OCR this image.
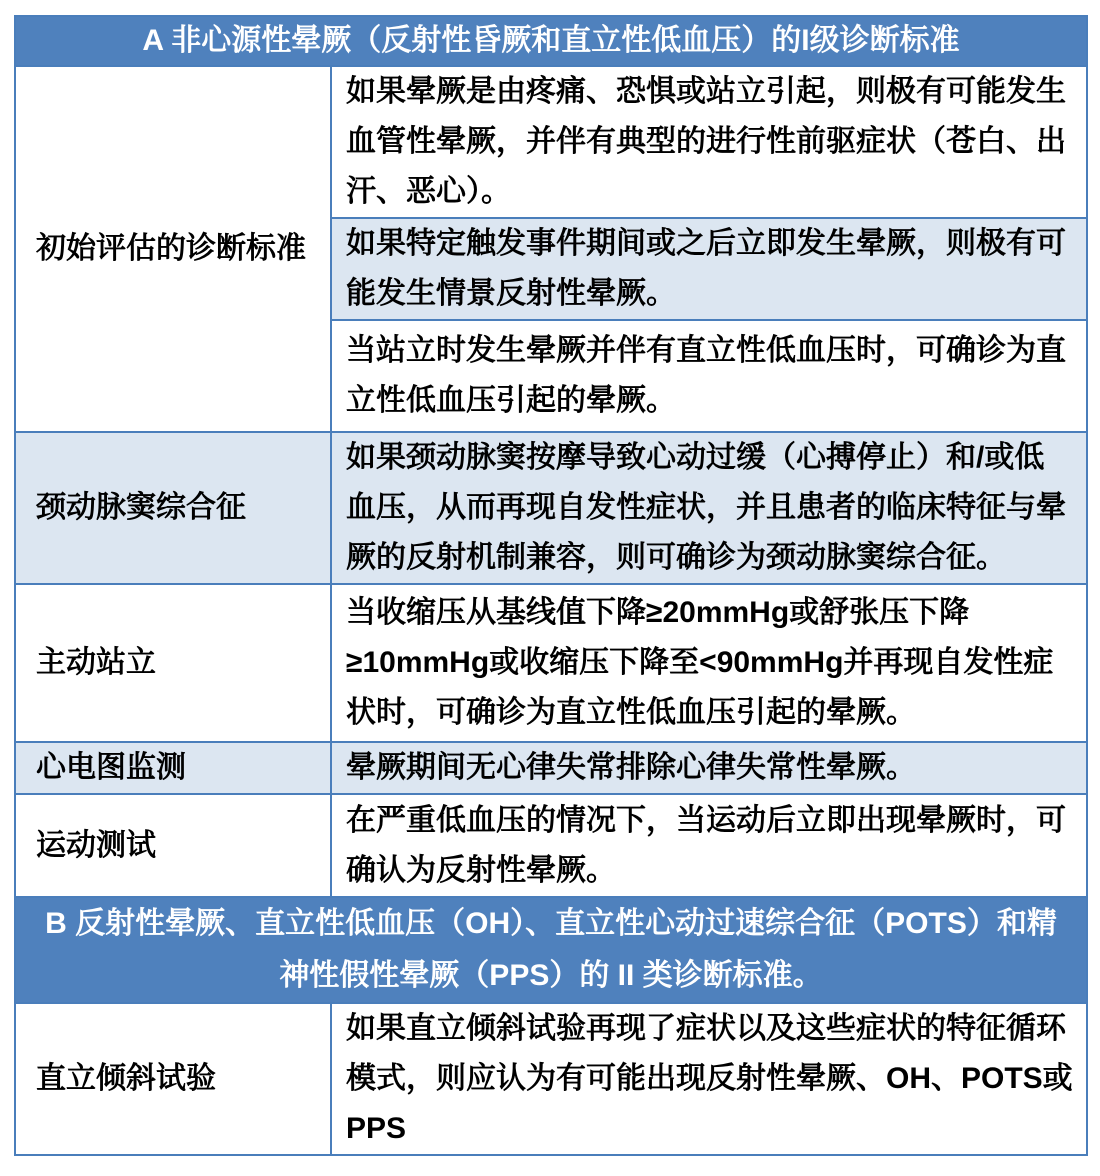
A 非心源性晕厥（反射性昏厥和直立性低血压）的I级诊断标准	
初始评估的诊断标准	如果晕厥是由疼痛、恐惧或站立引起，则极有可能发生血管性晕厥，并伴有典型的进行性前驱症状（苍白、出汗、恶心）。
	如果特定触发事件期间或之后立即发生晕厥，则极有可能发生情景反射性晕厥。
	当站立时发生晕厥并伴有直立性低血压时，可确诊为直立性低血压引起的晕厥。
颈动脉窦综合征	如果颈动脉窦按摩导致心动过缓（心搏停止）和/或低血压，从而再现自发性症状，并且患者的临床特征与晕厥的反射机制兼容，则可确诊为颈动脉窦综合征。
主动站立	当收缩压从基线值下降≥20mmHg或舒张压下降≥10mmHg或收缩压下降至<90mmHg并再现自发性症状时，可确诊为直立性低血压引起的晕厥。
心电图监测	晕厥期间无心律失常排除心律失常性晕厥。
运动测试	在严重低血压的情况下，当运动后立即出现晕厥时，可确认为反射性晕厥。
B 反射性晕厥、直立性低血压（OH）、直立性心动过速综合征（POTS）和精神性假性晕厥（PPS）的 II 类诊断标准。	
直立倾斜试验	如果直立倾斜试验再现了症状以及这些症状的特征循环模式，则应认为有可能出现反射性晕厥、OH、POTS或PPS
